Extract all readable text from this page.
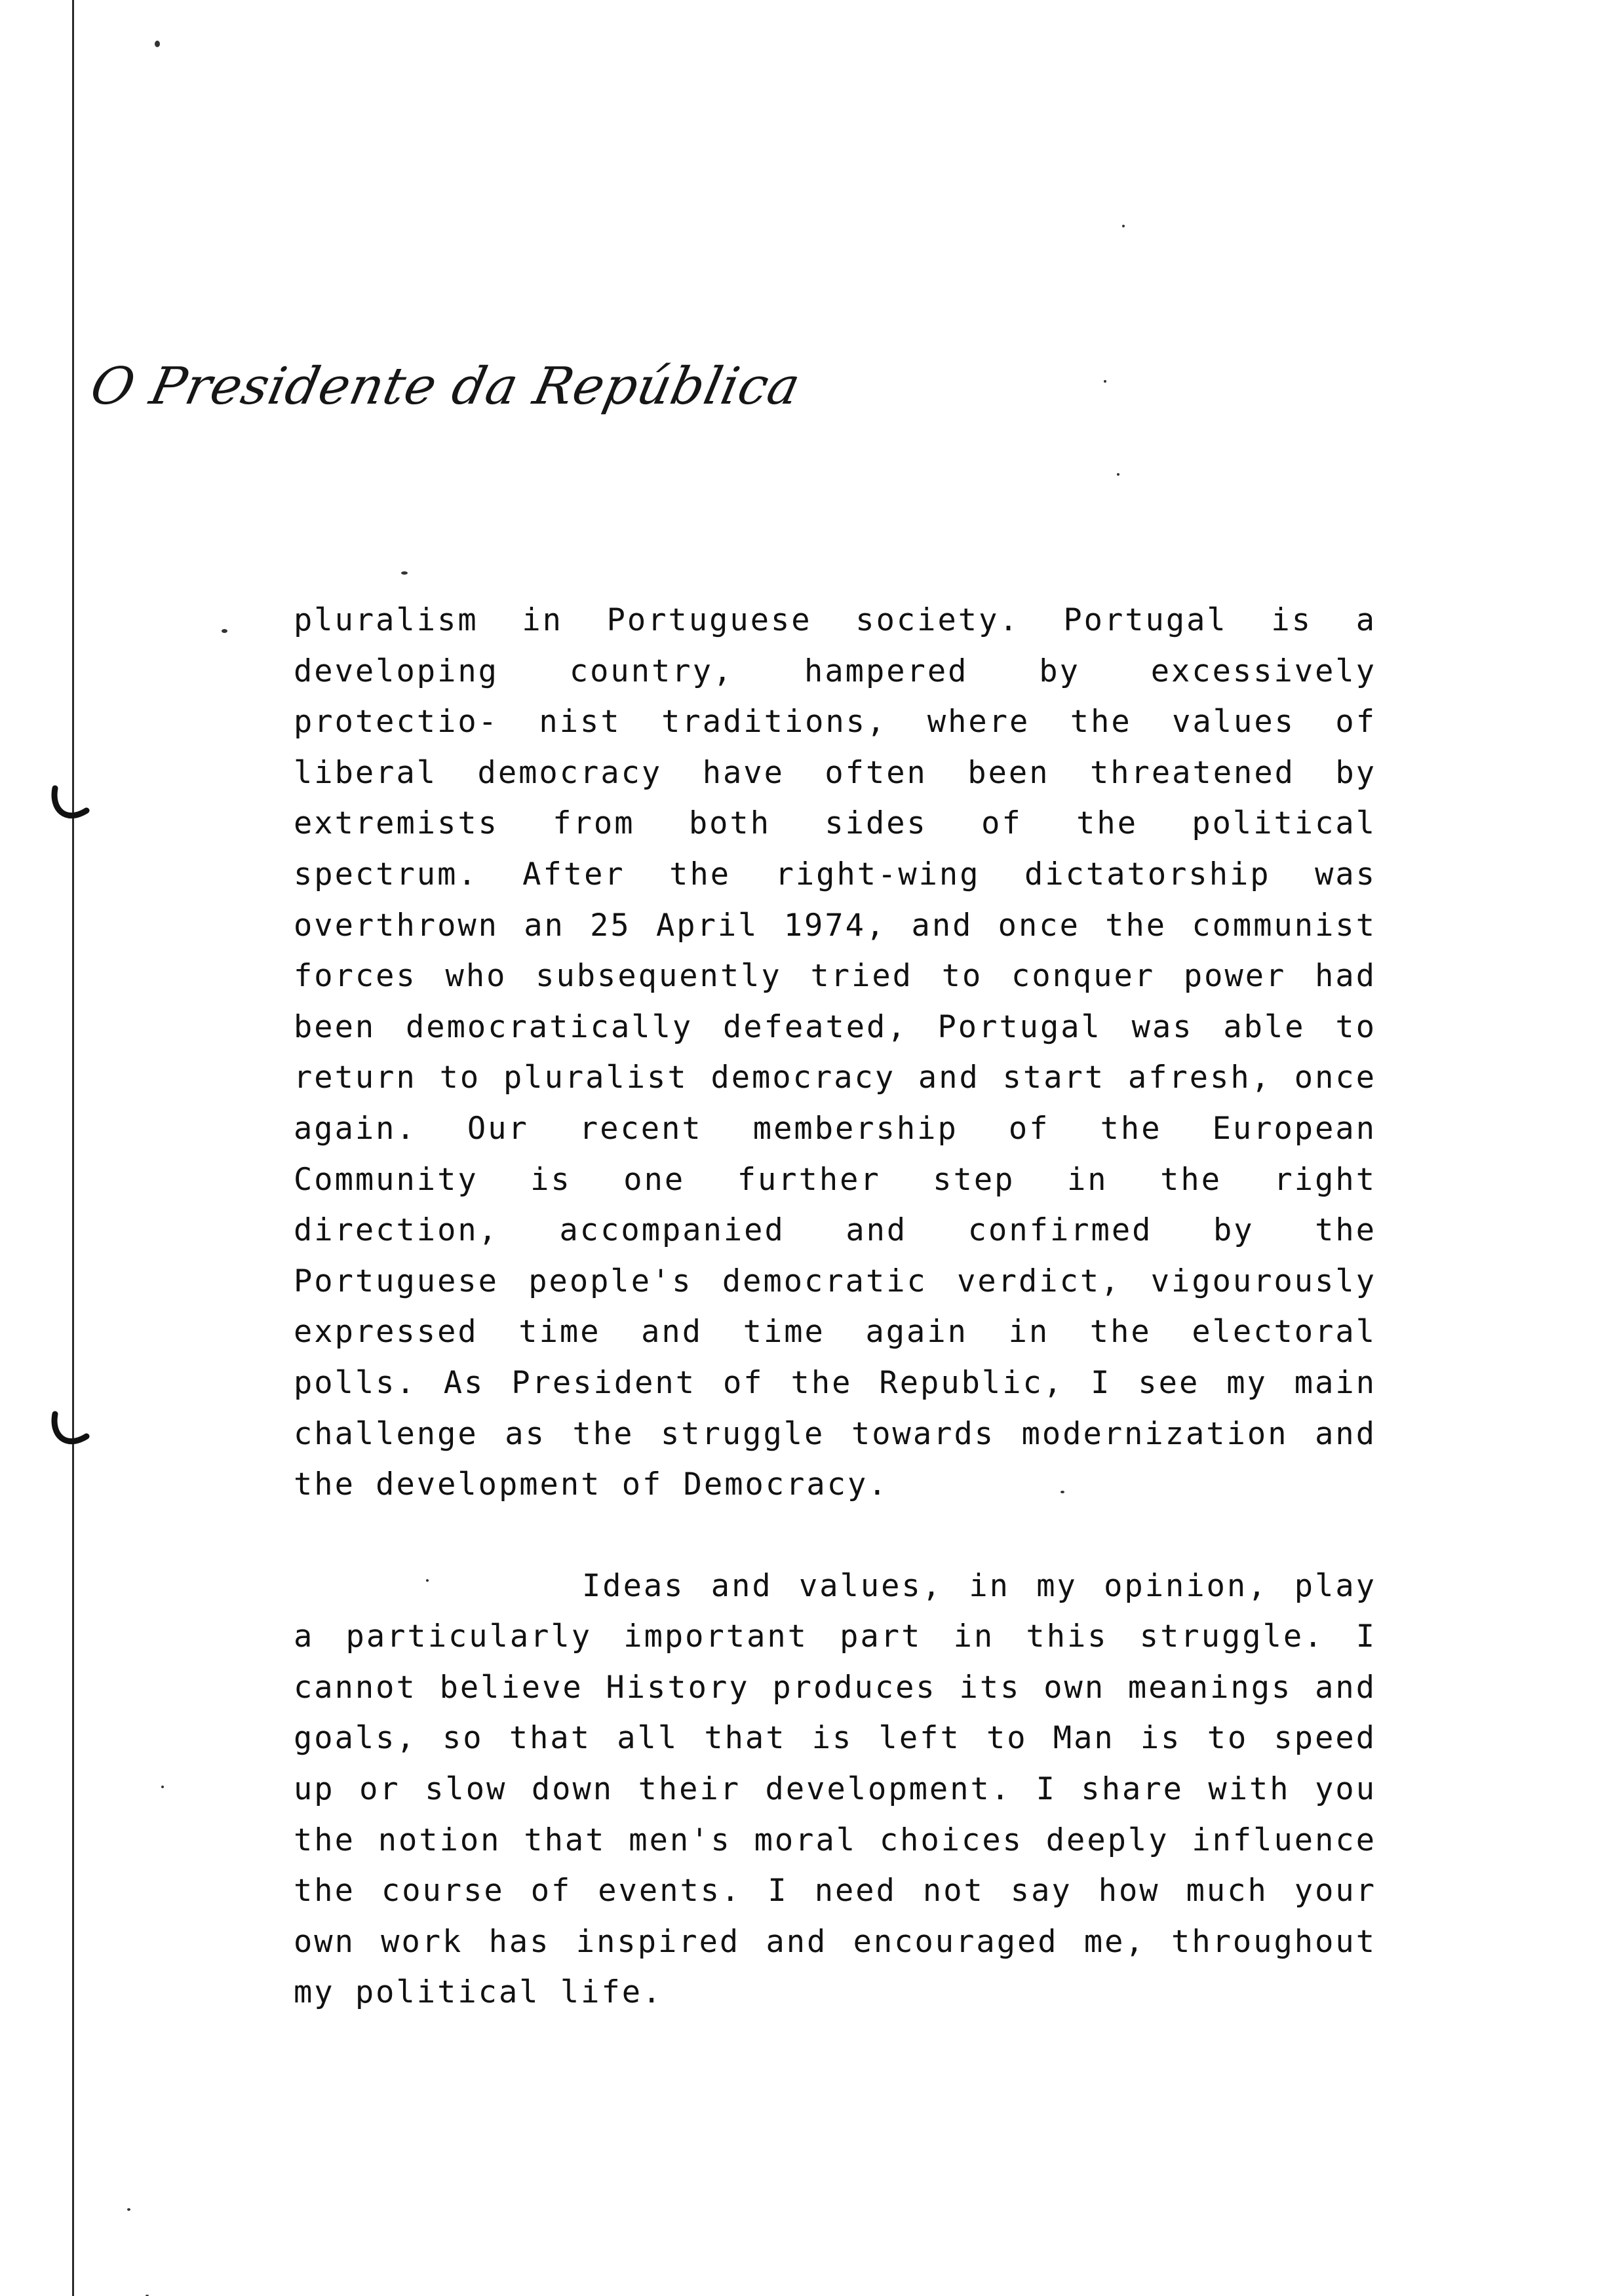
O Presidente da República

pluralism in Portuguese society. Portugal is a developing country, hampered by excessively protectio- nist traditions, where the values of liberal democracy have often been threatened by extremists from both sides of the political spectrum. After the right-wing dictatorship was overthrown an 25 April 1974, and once the communist forces who subsequently tried to conquer power had been democratically defeated, Portugal was able to return to pluralist democracy and start afresh, once again. Our recent membership of the European Community is one further step in the right direction, accompanied and confirmed by the Portuguese people's democratic verdict, vigourously expressed time and time again in the electoral polls. As President of the Republic, I see my main challenge as the struggle towards modernization and the development of Democracy.

Ideas and values, in my opinion, play a particularly important part in this struggle. I cannot believe History produces its own meanings and goals, so that all that is left to Man is to speed up or slow down their development. I share with you the notion that men's moral choices deeply influence the course of events. I need not say how much your own work has inspired and encouraged me, throughout my political life.
